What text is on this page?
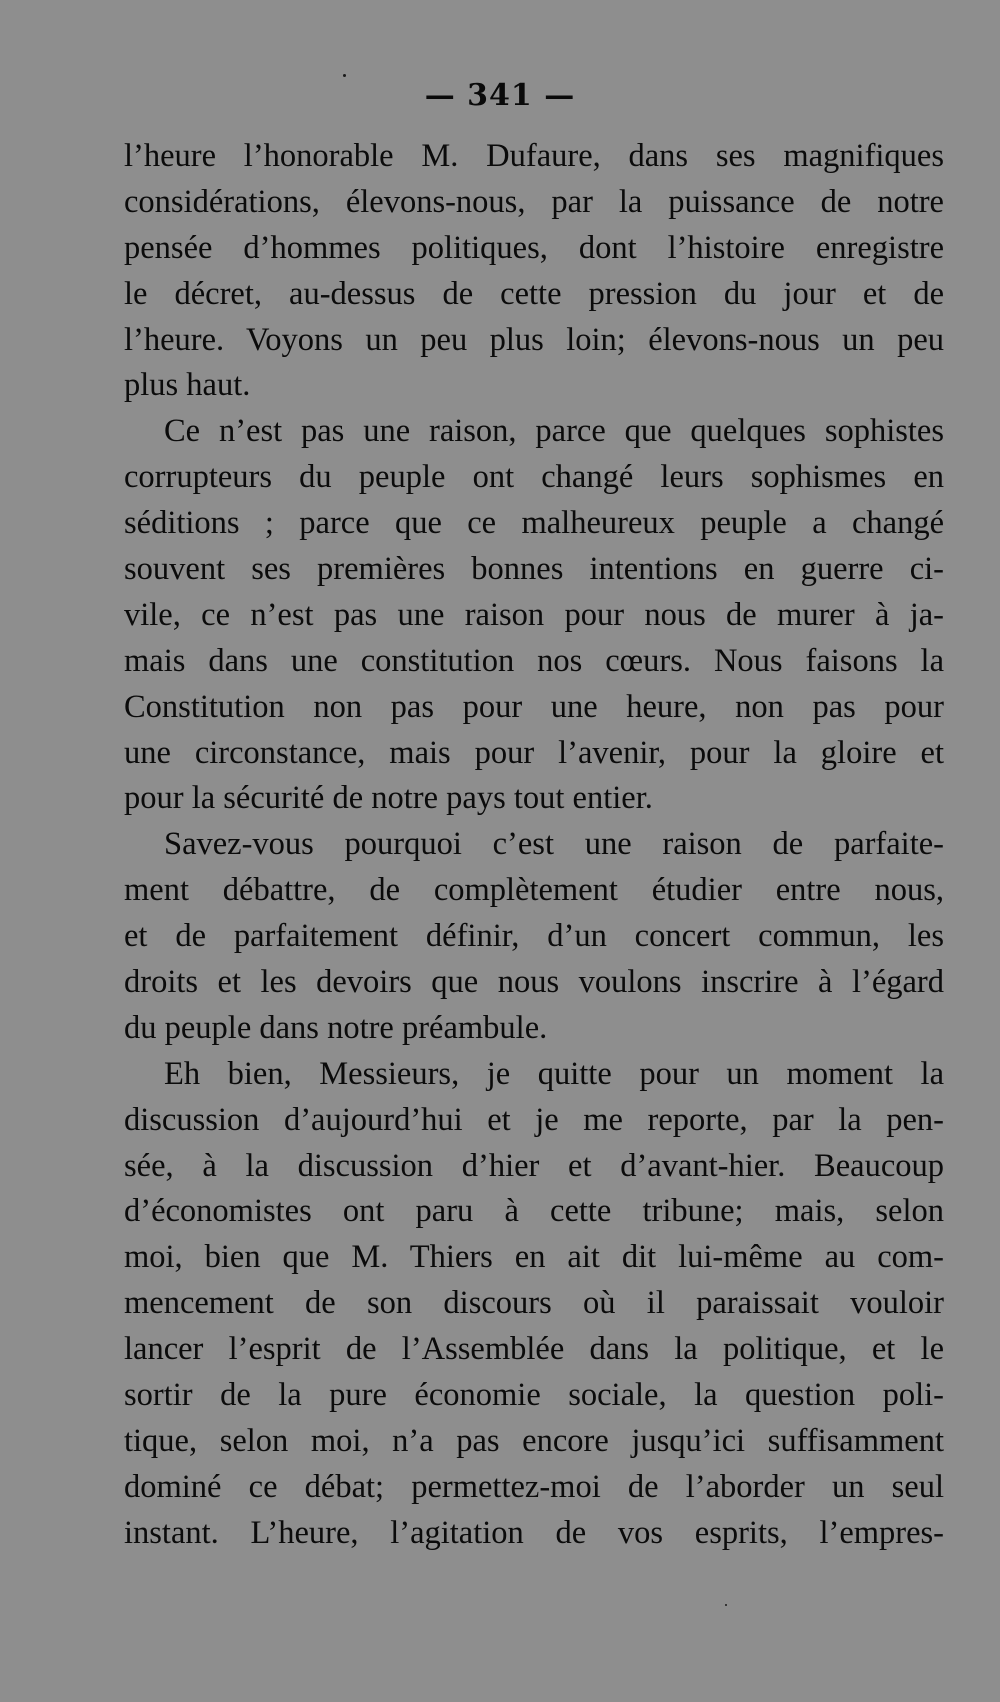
— 341 —
l’heure l’honorable M. Dufaure, dans ses magnifiques
considérations, élevons-nous, par la puissance de notre
pensée d’hommes politiques, dont l’histoire enregistre
le décret, au-dessus de cette pression du jour et de
l’heure. Voyons un peu plus loin; élevons-nous un peu
plus haut.
Ce n’est pas une raison, parce que quelques sophistes
corrupteurs du peuple ont changé leurs sophismes en
séditions ; parce que ce malheureux peuple a changé
souvent ses premières bonnes intentions en guerre ci-
vile, ce n’est pas une raison pour nous de murer à ja-
mais dans une constitution nos cœurs. Nous faisons la
Constitution non pas pour une heure, non pas pour
une circonstance, mais pour l’avenir, pour la gloire et
pour la sécurité de notre pays tout entier.
Savez-vous pourquoi c’est une raison de parfaite-
ment débattre, de complètement étudier entre nous,
et de parfaitement définir, d’un concert commun, les
droits et les devoirs que nous voulons inscrire à l’égard
du peuple dans notre préambule.
Eh bien, Messieurs, je quitte pour un moment la
discussion d’aujourd’hui et je me reporte, par la pen-
sée, à la discussion d’hier et d’avant-hier. Beaucoup
d’économistes ont paru à cette tribune; mais, selon
moi, bien que M. Thiers en ait dit lui-même au com-
mencement de son discours où il paraissait vouloir
lancer l’esprit de l’Assemblée dans la politique, et le
sortir de la pure économie sociale, la question poli-
tique, selon moi, n’a pas encore jusqu’ici suffisamment
dominé ce débat; permettez-moi de l’aborder un seul
instant. L’heure, l’agitation de vos esprits, l’empres-
